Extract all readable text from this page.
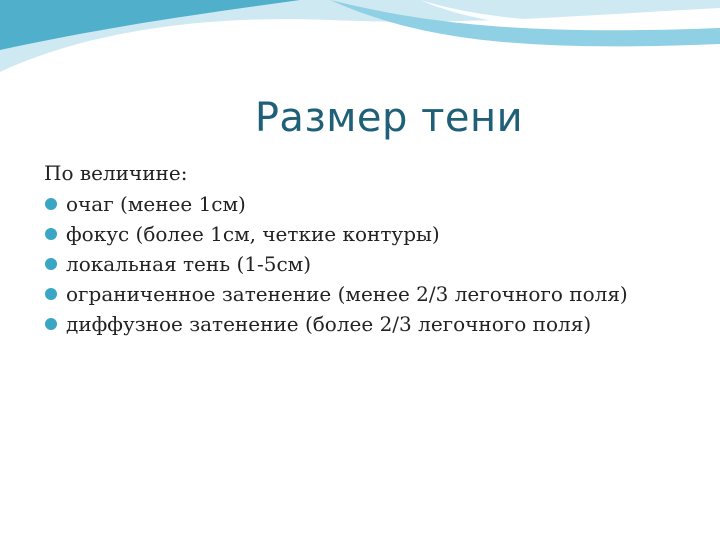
Размер тени
По величине:
очаг (менее 1см)
фокус (более 1см, четкие контуры)
локальная тень (1-5см)
ограниченное затенение (менее 2/3 легочного поля)
диффузное затенение (более 2/3 легочного поля)
